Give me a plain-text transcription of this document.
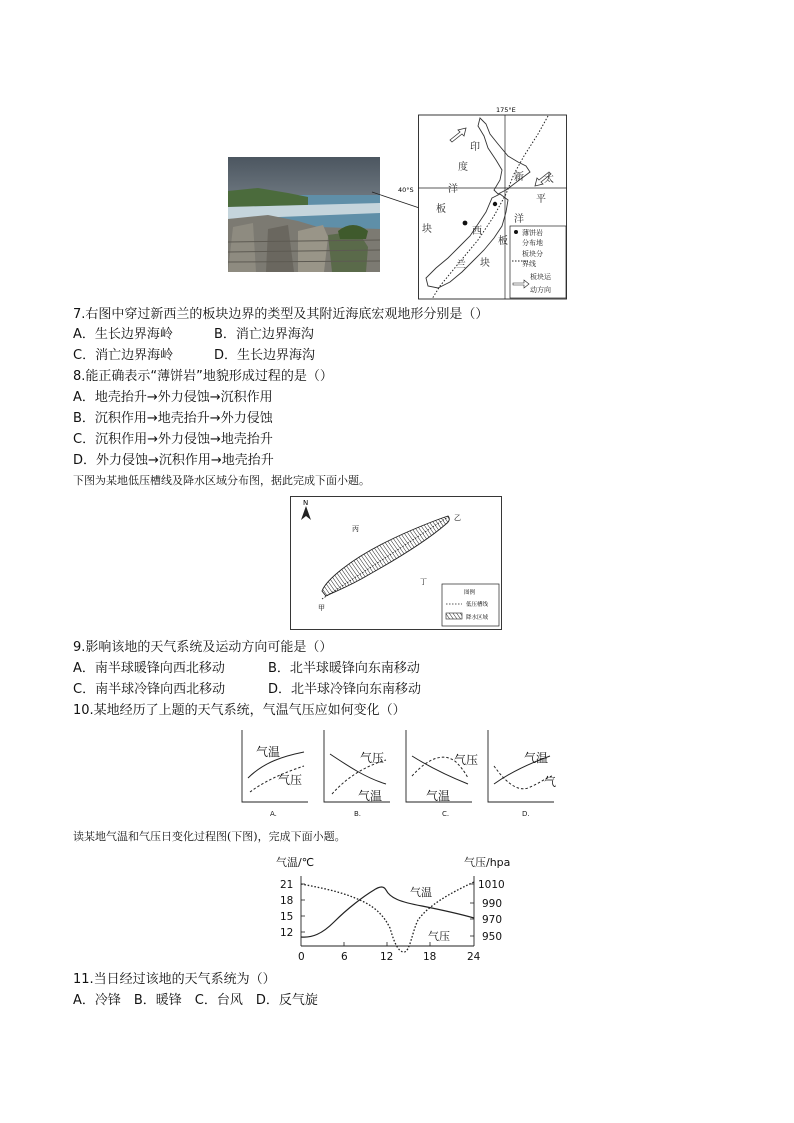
175°E
40°S
印
度
洋
板
块
太
平
洋
板
块
新
西
兰
薄饼岩
分布地
板块分
界线
板块运
动方向
7.右图中穿过新西兰的板块边界的类型及其附近海底宏观地形分别是（）
A．生长边界海岭	B．消亡边界海沟
C．消亡边界海岭	D．生长边界海沟
8.能正确表示“薄饼岩”地貌形成过程的是（）
A．地壳抬升→外力侵蚀→沉积作用
B．沉积作用→地壳抬升→外力侵蚀
C．沉积作用→外力侵蚀→地壳抬升
D．外力侵蚀→沉积作用→地壳抬升
下图为某地低压槽线及降水区域分布图，据此完成下面小题。
N
丙
乙
丁
甲
图例
低压槽线
降水区域
9.影响该地的天气系统及运动方向可能是（）
A．南半球暖锋向西北移动	B．北半球暖锋向东南移动
C．南半球冷锋向西北移动	D．北半球冷锋向东南移动
10.某地经历了上题的天气系统，气温气压应如何变化（）
气温
气压
气压
气温
气压
气温
气温
气
A.	B.	C.	D.
读某地气温和气压日变化过程图(下图)，完成下面小题。
气温/℃	气压/hpa
21
18
15
12
1010
990
970
950
0	6	12	18	24
气温
气压
11.当日经过该地的天气系统为（）
A．冷锋　B．暖锋　C．台风　D．反气旋
